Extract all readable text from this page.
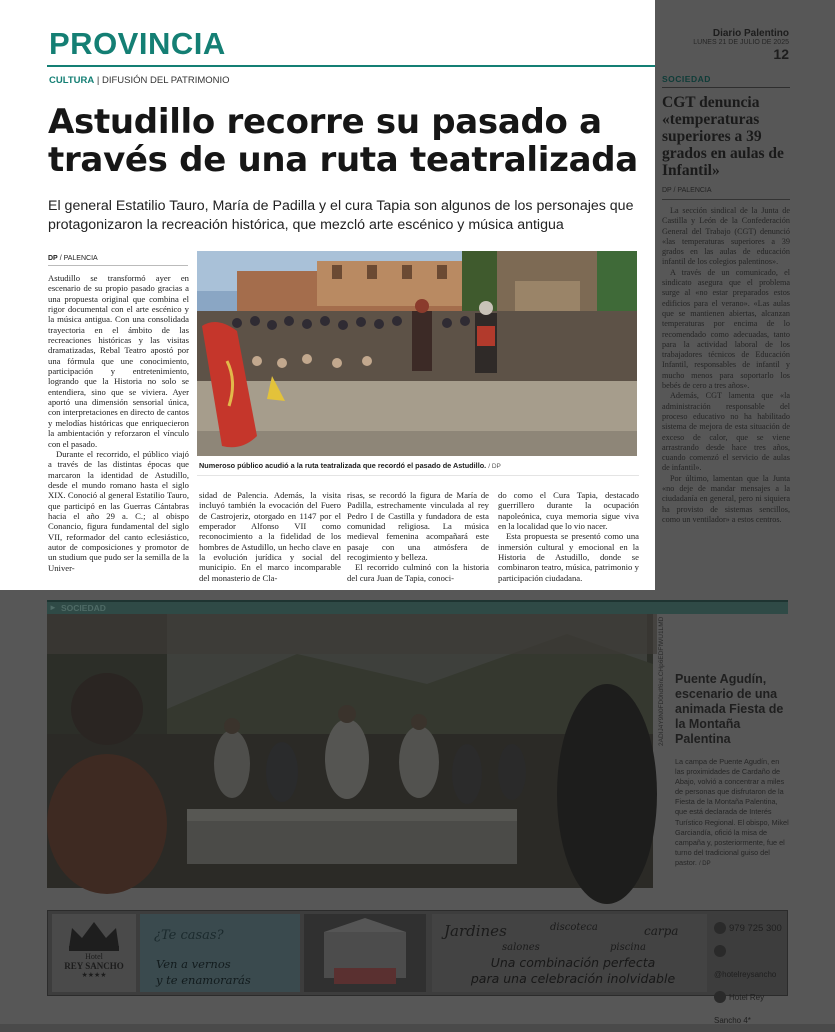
Diario Palentino
LUNES 21 DE JULIO DE 2025
12
SOCIEDAD
CGT denuncia «temperaturas superiores a 39 grados en aulas de Infantil»
DP / PALENCIA

La sección sindical de la Junta de Castilla y León de la Confederación General del Trabajo (CGT) denunció «las temperaturas superiores a 39 grados en las aulas de educación infantil de los colegios palentinos».

A través de un comunicado, el sindicato asegura que el problema surge al «no estar preparados estos edificios para el verano». «Las aulas que se mantienen abiertas, alcanzan temperaturas por encima de lo recomendado como adecuadas, tanto para la actividad laboral de los trabajadores técnicos de Educación Infantil, responsables de infantil y mucho menos para soportarlo los bebés de cero a tres años».

Además, CGT lamenta que «la administración responsable del proceso educativo no ha habilitado sistema de mejora de esta situación de exceso de calor, que se viene arrastrando desde hace tres años, cuando comenzó el servicio de aulas de infantil».

Por último, lamentan que la Junta «no deje de mandar mensajes a la ciudadanía en general, pero ni siquiera ha provisto de sistemas sencillos, como un ventilador» a estos centros.

► SOCIEDAD
2ADIJ4Y9N0FD0hdf6nLCHp6EDFfWU1LMD Puente Agudín, escenario de una animada Fiesta de la Montaña Palentina
La campa de Puente Agudín, en las proximidades de Cardaño de Abajo, volvió a concentrar a miles de personas que disfrutaron de la Fiesta de la Montaña Palentina, que está declarada de Interés Turístico Regional. El obispo, Mikel Garciandía, ofició la misa de campaña y, posteriormente, fue el turno del tradicional guiso del pastor. / DP
Hotel
REY SANCHO
★★★★
¿Te casas?
Ven a vernos
y te enamorarás
Jardines	discoteca	carpa
salones	piscina
Una combinación perfecta
para una celebración inolvidable
979 725 300
@hotelreysancho
Hotel Rey Sancho 4*
PROVINCIA
CULTURA | DIFUSIÓN DEL PATRIMONIO
Astudillo recorre su pasado a
través de una ruta teatralizada
El general Estatilio Tauro, María de Padilla y el cura Tapia son algunos de los personajes que protagonizaron la recreación histórica, que mezcló arte escénico y música antigua
DP / PALENCIA

Astudillo se transformó ayer en escenario de su propio pasado gracias a una propuesta original que combina el rigor documental con el arte escénico y la música antigua. Con una consolidada trayectoria en el ámbito de las recreaciones históricas y las visitas dramatizadas, Rebal Teatro apostó por una fórmula que une conocimiento, participación y entretenimiento, logrando que la Historia no solo se entendiera, sino que se viviera. Ayer aportó una dimensión sensorial única, con interpretaciones en directo de cantos y melodías históricas que enriquecieron la ambientación y reforzaron el vínculo con el pasado.

Durante el recorrido, el público viajó a través de las distintas épocas que marcaron la identidad de Astudillo, desde el mundo romano hasta el siglo XIX. Conoció al general Estatilio Tauro, que participó en las Guerras Cántabras hacia el año 29 a. C.; al obispo Conancio, figura fundamental del siglo VII, reformador del canto eclesiástico, autor de composiciones y promotor de un studium que pudo ser la semilla de la Univer-

Numeroso público acudió a la ruta teatralizada que recordó el pasado de Astudillo. / DP

sidad de Palencia. Además, la visita incluyó también la evocación del Fuero de Castrojeriz, otorgado en 1147 por el emperador Alfonso VII como reconocimiento a la fidelidad de los hombres de Astudillo, un hecho clave en la evolución jurídica y social del municipio. En el marco incomparable del monasterio de Cla-

risas, se recordó la figura de María de Padilla, estrechamente vinculada al rey Pedro I de Castilla y fundadora de esta comunidad religiosa. La música medieval femenina acompañará este pasaje con una atmósfera de recogimiento y belleza.

El recorrido culminó con la historia del cura Juan de Tapia, conoci-

do como el Cura Tapia, destacado guerrillero durante la ocupación napoleónica, cuya memoria sigue viva en la localidad que lo vio nacer.

Esta propuesta se presentó como una inmersión cultural y emocional en la Historia de Astudillo, donde se combinaron teatro, música, patrimonio y participación ciudadana.
